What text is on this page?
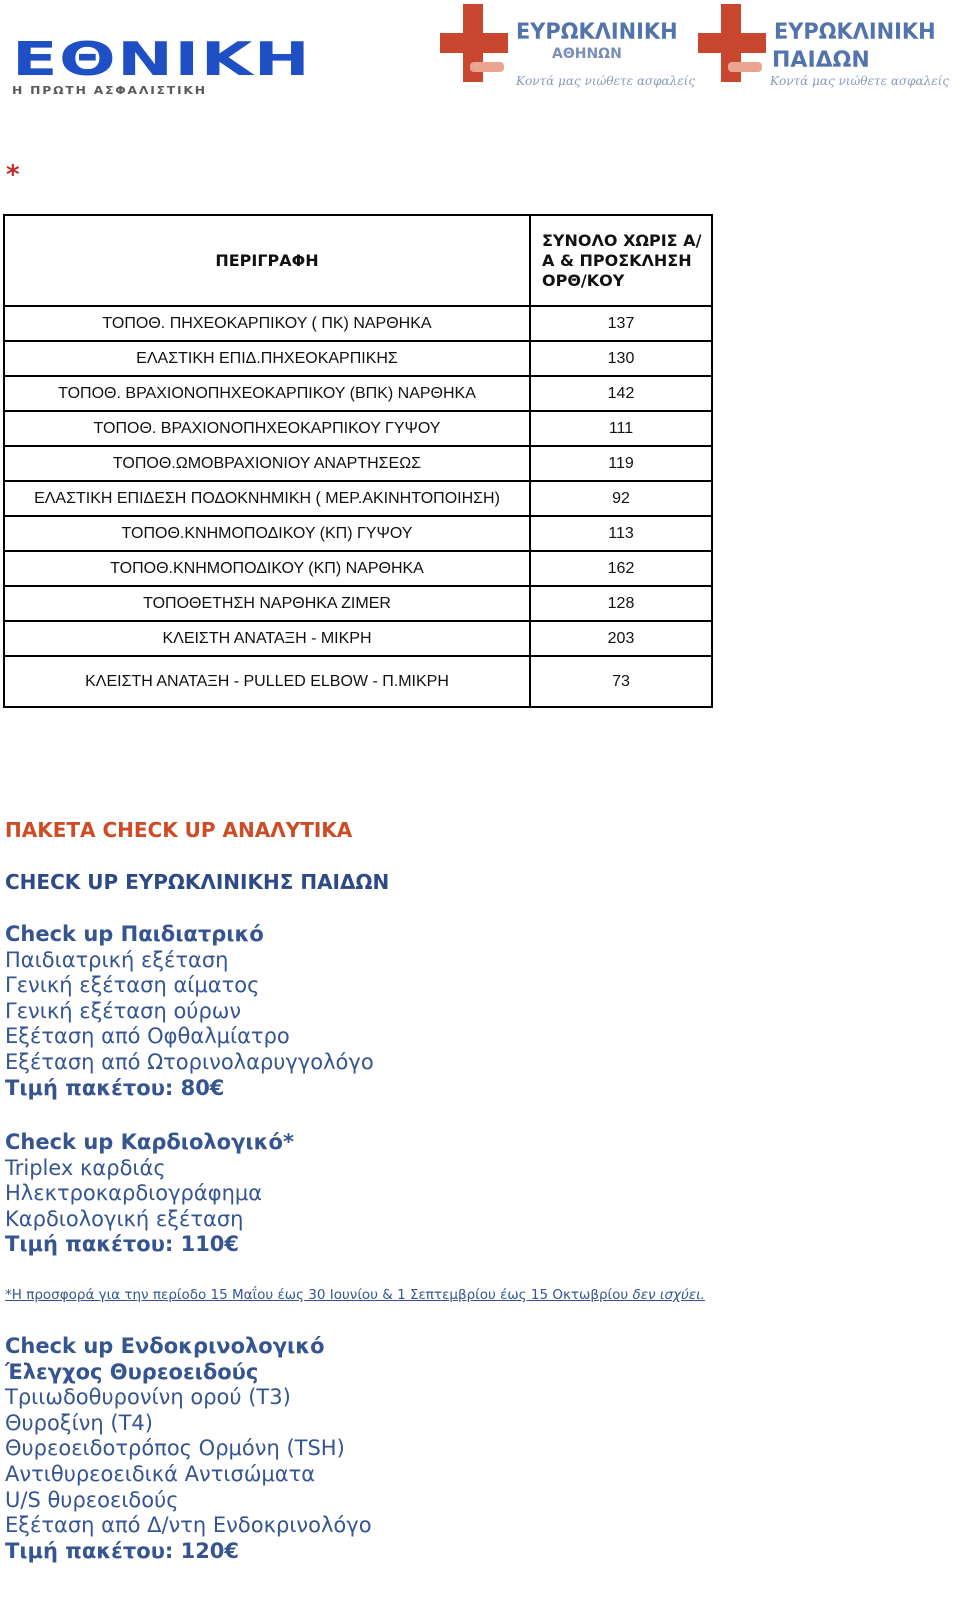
ΕΘΝΙΚΗ
Η ΠΡΩΤΗ ΑΣΦΑΛΙΣΤΙΚΗ
ΕΥΡΩΚΛΙΝΙΚΗ
ΑΘΗΝΩΝ
Κοντά μας νιώθετε ασφαλείς
ΕΥΡΩΚΛΙΝΙΚΗ
ΠΑΙΔΩΝ
Κοντά μας νιώθετε ασφαλείς
*
ΠΕΡΙΓΡΑΦΗ	ΣΥΝΟΛΟ ΧΩΡΙΣ Α/Α & ΠΡΟΣΚΛΗΣΗ ΟΡΘ/ΚΟΥ
ΤΟΠΟΘ. ΠΗΧΕΟΚΑΡΠΙΚΟΥ ( ΠΚ) ΝΑΡΘΗΚΑ	137
ΕΛΑΣΤΙΚΗ ΕΠΙΔ.ΠΗΧΕΟΚΑΡΠΙΚΗΣ	130
ΤΟΠΟΘ. ΒΡΑΧΙΟΝΟΠΗΧΕΟΚΑΡΠΙΚΟΥ (ΒΠΚ) ΝΑΡΘΗΚΑ	142
ΤΟΠΟΘ. ΒΡΑΧΙΟΝΟΠΗΧΕΟΚΑΡΠΙΚΟΥ ΓΥΨΟΥ	111
ΤΟΠΟΘ.ΩΜΟΒΡΑΧΙΟΝΙΟΥ ΑΝΑΡΤΗΣΕΩΣ	119
ΕΛΑΣΤΙΚΗ ΕΠΙΔΕΣΗ ΠΟΔΟΚΝΗΜΙΚΗ ( ΜΕΡ.ΑΚΙΝΗΤΟΠΟΙΗΣΗ)	92
ΤΟΠΟΘ.ΚΝΗΜΟΠΟΔΙΚΟΥ (ΚΠ) ΓΥΨΟΥ	113
ΤΟΠΟΘ.ΚΝΗΜΟΠΟΔΙΚΟΥ (ΚΠ) ΝΑΡΘΗΚΑ	162
ΤΟΠΟΘΕΤΗΣΗ ΝΑΡΘΗΚΑ ZIMER	128
ΚΛΕΙΣΤΗ ΑΝΑΤΑΞΗ - ΜΙΚΡΗ	203
ΚΛΕΙΣΤΗ ΑΝΑΤΑΞΗ - PULLED ELBOW - Π.ΜΙΚΡΗ	73
ΠΑΚΕΤΑ CHECK UP ΑΝΑΛΥΤΙΚΑ
CHECK UP ΕΥΡΩΚΛΙΝΙΚΗΣ ΠΑΙΔΩΝ
Check up Παιδιατρικό
Παιδιατρική εξέταση
Γενική εξέταση αίματος
Γενική εξέταση ούρων
Εξέταση από Οφθαλμίατρο
Εξέταση από Ωτορινολαρυγγολόγο
Τιμή πακέτου: 80€
Check up Καρδιολογικό*
Triplex καρδιάς
Ηλεκτροκαρδιογράφημα
Καρδιολογική εξέταση
Τιμή πακέτου: 110€
*Η προσφορά για την περίοδο 15 Μαΐου έως 30 Ιουνίου & 1 Σεπτεμβρίου έως 15 Οκτωβρίου δεν ισχύει.
Check up Ενδοκρινολογικό
Έλεγχος Θυρεοειδούς
Τριιωδοθυρονίνη ορού (Τ3)
Θυροξίνη (Τ4)
Θυρεοειδοτρόπος Ορμόνη (TSH)
Αντιθυρεοειδικά Αντισώματα
U/S θυρεοειδούς
Εξέταση από Δ/ντη Ενδοκρινολόγο
Τιμή πακέτου: 120€
